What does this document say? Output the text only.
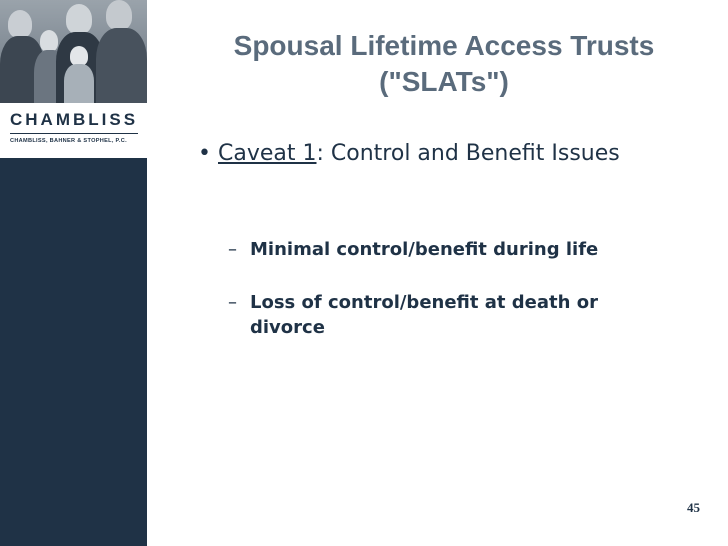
CHAMBLISS
CHAMBLISS, BAHNER & STOPHEL, P.C.
Spousal Lifetime Access Trusts
("SLATs")
• Caveat 1: Control and Benefit Issues
– Minimal control/benefit during life
– Loss of control/benefit at death or divorce
45
